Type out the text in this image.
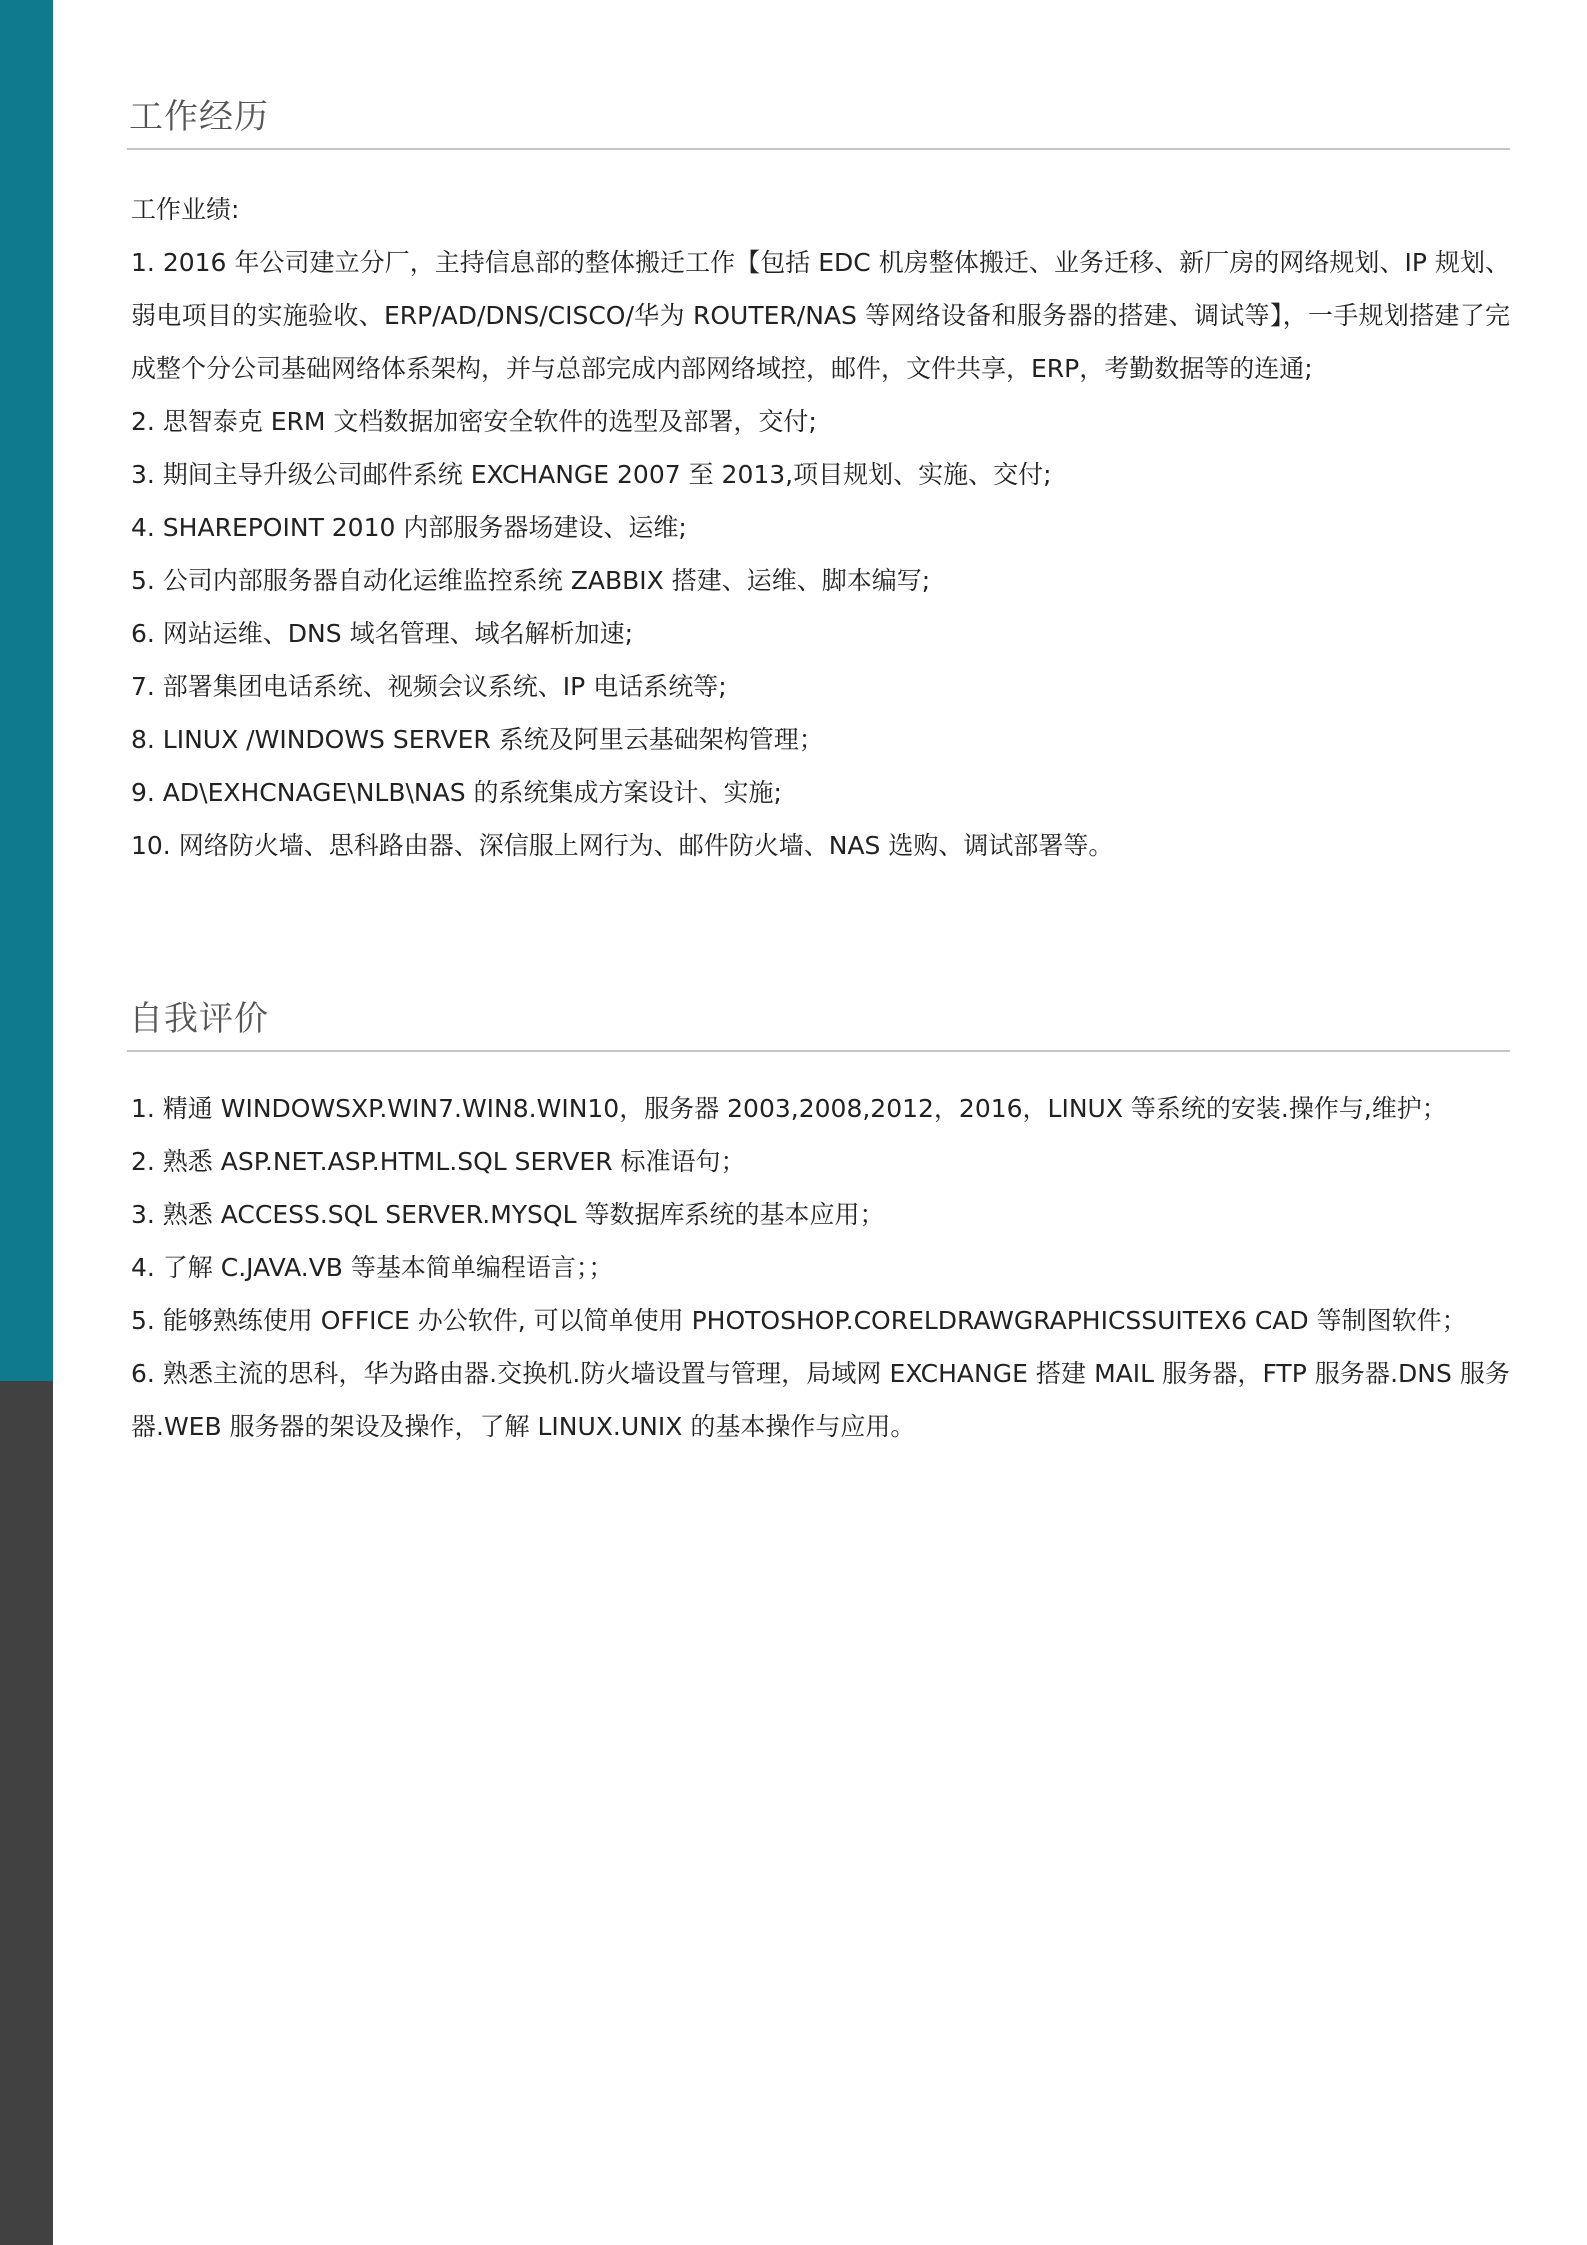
工作经历

工作业绩:

1. 2016 年公司建立分厂，主持信息部的整体搬迁工作【包括 EDC 机房整体搬迁、业务迁移、新厂房的网络规划、IP 规划、弱电项目的实施验收、ERP/AD/DNS/CISCO/华为 ROUTER/NAS 等网络设备和服务器的搭建、调试等】，一手规划搭建了完成整个分公司基础网络体系架构，并与总部完成内部网络域控，邮件，文件共享，ERP，考勤数据等的连通;

2. 思智泰克 ERM 文档数据加密安全软件的选型及部署，交付;

3. 期间主导升级公司邮件系统 EXCHANGE 2007 至 2013,项目规划、实施、交付;

4. SHAREPOINT 2010 内部服务器场建设、运维;

5. 公司内部服务器自动化运维监控系统 ZABBIX 搭建、运维、脚本编写;

6. 网站运维、DNS 域名管理、域名解析加速;

7. 部署集团电话系统、视频会议系统、IP 电话系统等;

8. LINUX /WINDOWS SERVER 系统及阿里云基础架构管理；

9. AD\EXHCNAGE\NLB\NAS 的系统集成方案设计、实施;

10. 网络防火墙、思科路由器、深信服上网行为、邮件防火墙、NAS 选购、调试部署等。

自我评价

1. 精通 WINDOWSXP.WIN7.WIN8.WIN10，服务器 2003,2008,2012，2016，LINUX 等系统的安装.操作与,维护；

2. 熟悉 ASP.NET.ASP.HTML.SQL SERVER 标准语句；

3. 熟悉 ACCESS.SQL SERVER.MYSQL 等数据库系统的基本应用；

4. 了解 C.JAVA.VB 等基本简单编程语言；；

5. 能够熟练使用 OFFICE 办公软件, 可以简单使用 PHOTOSHOP.CORELDRAWGRAPHICSSUITEX6 CAD 等制图软件；

6. 熟悉主流的思科，华为路由器.交换机.防火墙设置与管理，局域网 EXCHANGE 搭建 MAIL 服务器，FTP 服务器.DNS 服务器.WEB 服务器的架设及操作，了解 LINUX.UNIX 的基本操作与应用。
